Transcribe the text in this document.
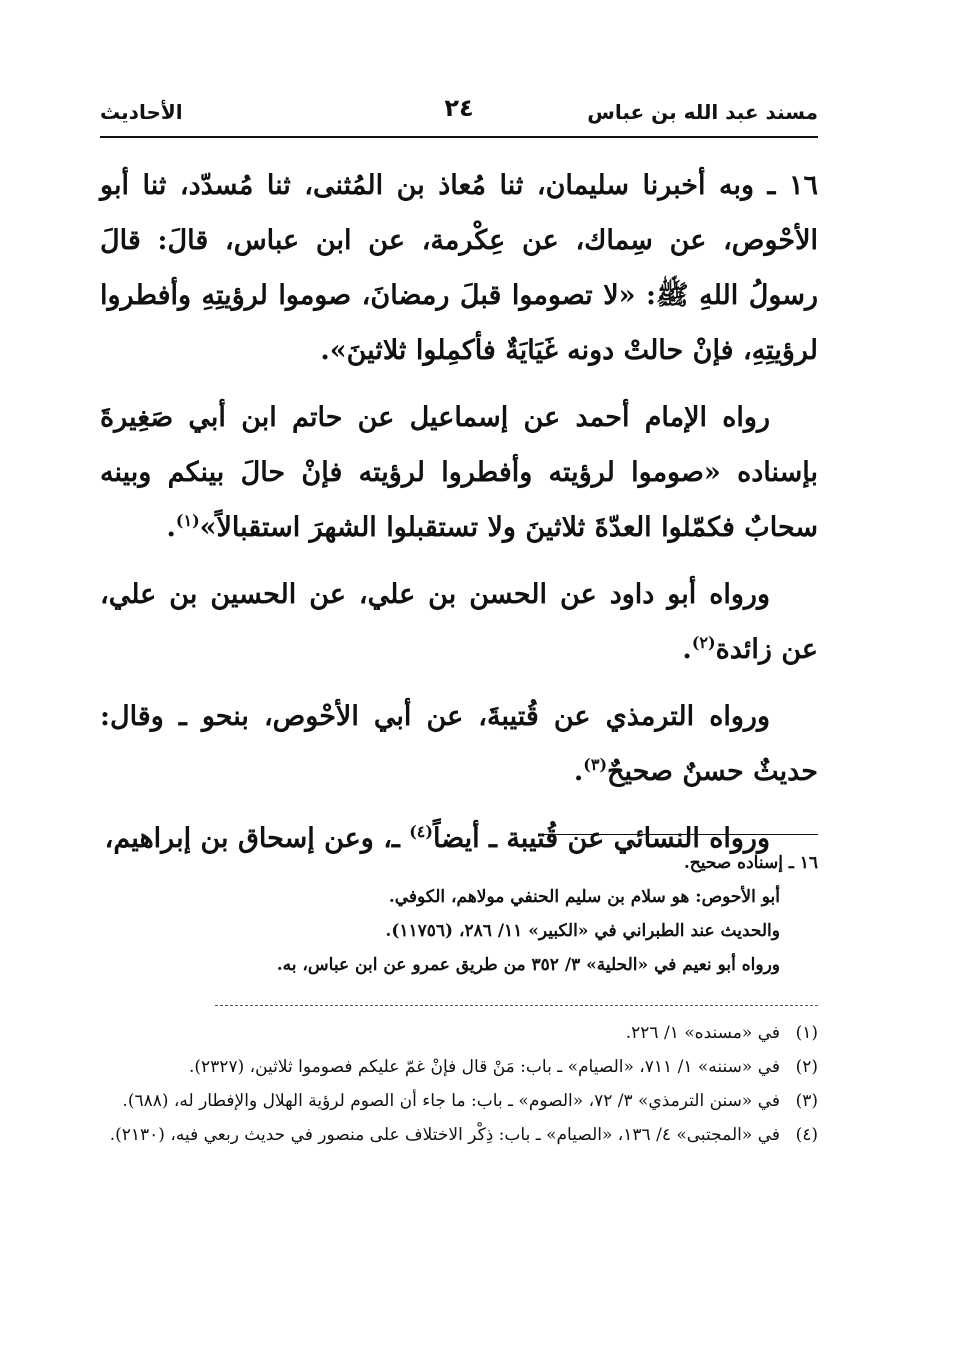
مسند عبد الله بن عباس
٢٤
الأحاديث

١٦ ـ وبه أخبرنا سليمان، ثنا مُعاذ بن المُثنى، ثنا مُسدّد، ثنا أبو الأحْوص، عن سِماك، عن عِكْرمة، عن ابن عباس، قالَ: قالَ رسولُ اللهِ ﷺ: «لا تصوموا قبلَ رمضانَ، صوموا لرؤيتِهِ وأفطروا لرؤيتِهِ، فإنْ حالتْ دونه غَيَايَةٌ فأكمِلوا ثلاثينَ».

رواه الإمام أحمد عن إسماعيل عن حاتم ابن أبي صَغِيرةَ بإسناده «صوموا لرؤيته وأفطروا لرؤيته فإنْ حالَ بينكم وبينه سحابٌ فكمّلوا العدّةَ ثلاثينَ ولا تستقبلوا الشهرَ استقبالاً»$^{(١)}$.

ورواه أبو داود عن الحسن بن علي، عن الحسين بن علي، عن زائدة$^{(٢)}$.

ورواه الترمذي عن قُتيبةَ، عن أبي الأحْوص، بنحو ـ وقال: حديثٌ حسنٌ صحيحٌ$^{(٣)}$.

ورواه النسائي عن قُتيبة ـ أيضاً$^{(٤)}$ ـ، وعن إسحاق بن إبراهيم،

١٦ ـ إسناده صحيح.
أبو الأحوص: هو سلام بن سليم الحنفي مولاهم، الكوفي.
والحديث عند الطبراني في «الكبير» ١١/ ٢٨٦، (١١٧٥٦).
ورواه أبو نعيم في «الحلية» ٣/ ٣٥٢ من طريق عمرو عن ابن عباس، به.
(١)
في «مسنده» ١/ ٢٢٦.
(٢)
في «سننه» ١/ ٧١١، «الصيام» ـ باب: مَنْ قال فإنْ غمّ عليكم فصوموا ثلاثين، (٢٣٢٧).
(٣)
في «سنن الترمذي» ٣/ ٧٢، «الصوم» ـ باب: ما جاء أن الصوم لرؤية الهلال والإفطار له، (٦٨٨).
(٤)
في «المجتبى» ٤/ ١٣٦، «الصيام» ـ باب: ذِكْر الاختلاف على منصور في حديث ربعي فيه، (٢١٣٠).
